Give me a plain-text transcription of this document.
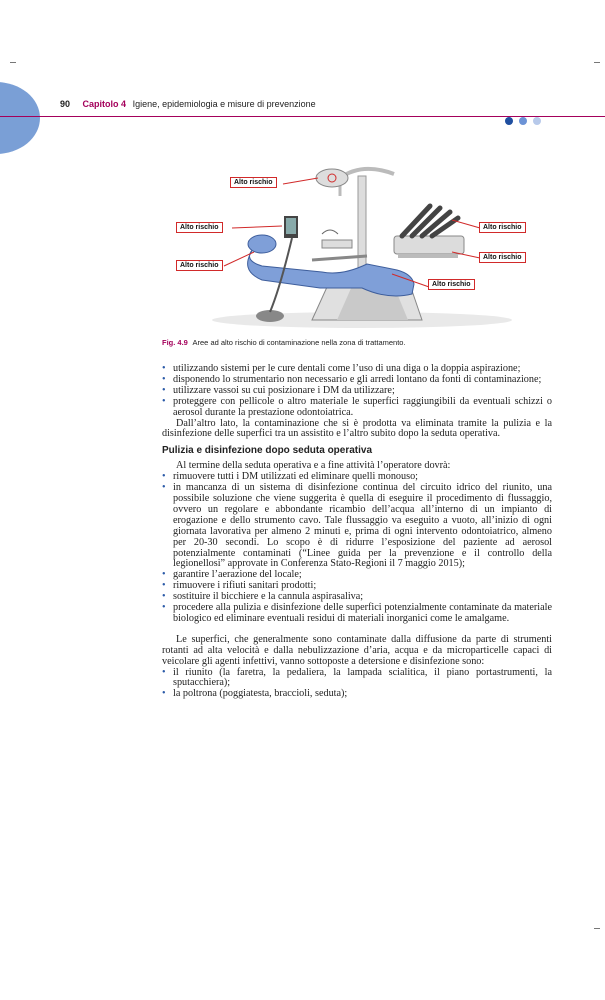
90 Capitolo 4 Igiene, epidemiologia e misure di prevenzione
Alto rischio
Alto rischio
Alto rischio
Alto rischio
Alto rischio
Alto rischio
Fig. 4.9 Aree ad alto rischio di contaminazione nella zona di trattamento.
• utilizzando sistemi per le cure dentali come l’uso di una diga o la doppia aspirazione;
• disponendo lo strumentario non necessario e gli arredi lontano da fonti di contaminazione;
• utilizzare vassoi su cui posizionare i DM da utilizzare;
• proteggere con pellicole o altro materiale le superfici raggiungibili da eventuali schizzi o aerosol durante la prestazione odontoiatrica.

Dall’altro lato, la contaminazione che si è prodotta va eliminata tramite la pulizia e la disinfezione delle superfici tra un assistito e l’altro subito dopo la seduta operativa.

Pulizia e disinfezione dopo seduta operativa

Al termine della seduta operativa e a fine attività l’operatore dovrà:

• rimuovere tutti i DM utilizzati ed eliminare quelli monouso;
• in mancanza di un sistema di disinfezione continua del circuito idrico del riunito, una possibile soluzione che viene suggerita è quella di eseguire il procedimento di flussaggio, ovvero un regolare e abbondante ricambio dell’acqua all’interno di un impianto di erogazione e dello strumento cavo. Tale flussaggio va eseguito a vuoto, all’inizio di ogni giornata lavorativa per almeno 2 minuti e, prima di ogni intervento odontoiatrico, almeno per 20-30 secondi. Lo scopo è di ridurre l’esposizione del paziente ad aerosol potenzialmente contaminati (“Linee guida per la prevenzione e il controllo della legionellosi” approvate in Conferenza Stato-Regioni il 7 maggio 2015);
• garantire l’aerazione del locale;
• rimuovere i rifiuti sanitari prodotti;
• sostituire il bicchiere e la cannula aspirasaliva;
• procedere alla pulizia e disinfezione delle superfici potenzialmente contaminate da materiale biologico ed eliminare eventuali residui di materiali inorganici come le amalgame.

Le superfici, che generalmente sono contaminate dalla diffusione da parte di strumenti rotanti ad alta velocità e dalla nebulizzazione d’aria, acqua e da microparticelle capaci di veicolare gli agenti infettivi, vanno sottoposte a detersione e disinfezione sono:

• il riunito (la faretra, la pedaliera, la lampada scialitica, il piano portastrumenti, la sputacchiera);
• la poltrona (poggiatesta, braccioli, seduta);
